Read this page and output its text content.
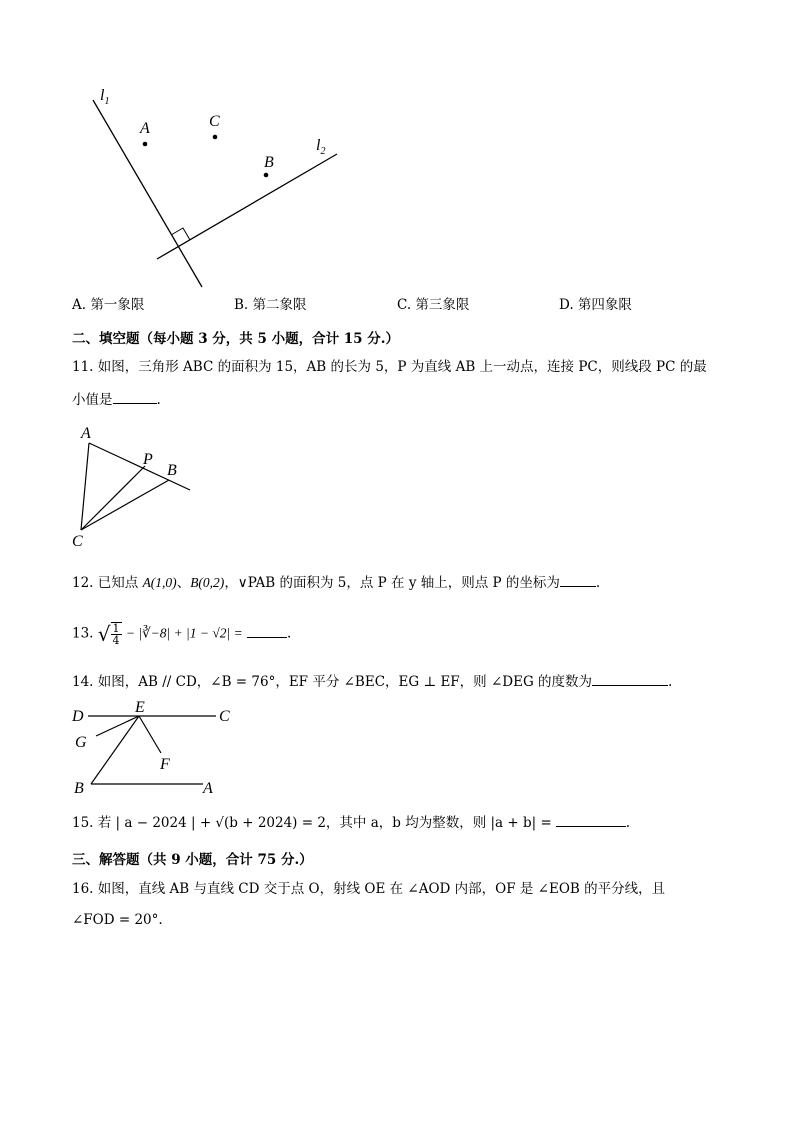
$l_1$
$l_2$
A	C
B
A. 第一象限	B. 第二象限	C. 第三象限	D. 第四象限
二、填空题（每小题 3 分，共 5 小题，合计 15 分.）
11. 如图，三角形 ABC 的面积为 15，AB 的长为 5，P 为直线 AB 上一动点，连接 PC，则线段 PC 的最
小值是	.
A
P
B
C
12. 已知点 A(1,0)、B(0,2)，∨PAB 的面积为 5，点 P 在 y 轴上，则点 P 的坐标为	.
13. √ $\frac{1}{4}$ − |∛−8| + |1 − √2| =	.
14. 如图，AB // CD，∠B = 76°，EF 平分 ∠BEC，EG ⊥ EF，则 ∠DEG 的度数为	.
D
E
C
G
F
B	A
15. 若 | a − 2024 | + √(b + 2024) = 2，其中 a，b 均为整数，则 |a + b| =	.
三、解答题（共 9 小题，合计 75 分.）
16. 如图，直线 AB 与直线 CD 交于点 O，射线 OE 在 ∠AOD 内部，OF 是 ∠EOB 的平分线，且
∠FOD = 20°.
